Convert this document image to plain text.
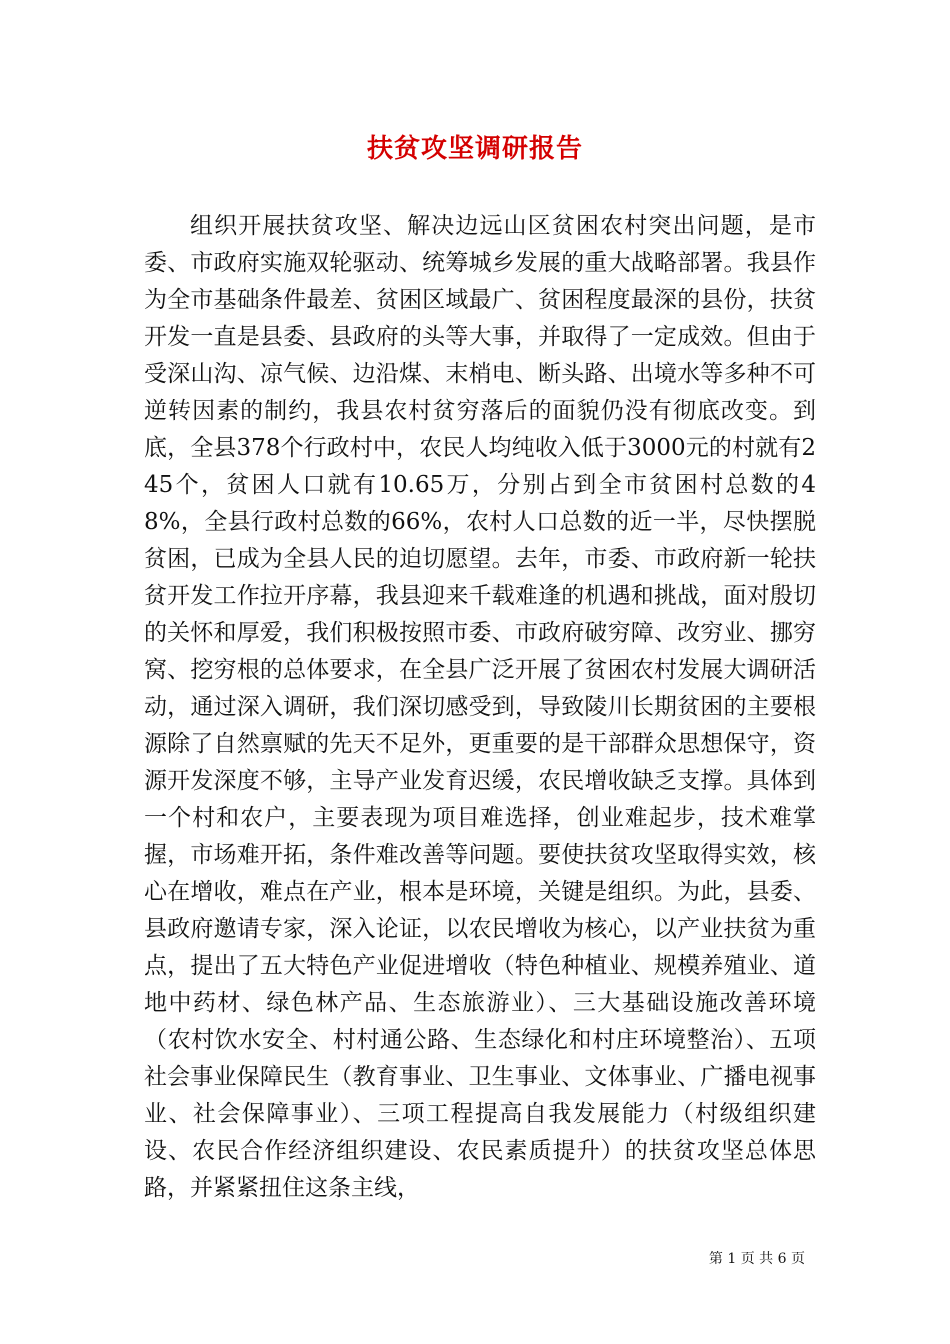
扶贫攻坚调研报告

组织开展扶贫攻坚、解决边远山区贫困农村突出问题，是市委、市政府实施双轮驱动、统筹城乡发展的重大战略部署。我县作为全市基础条件最差、贫困区域最广、贫困程度最深的县份，扶贫开发一直是县委、县政府的头等大事，并取得了一定成效。但由于受深山沟、凉气候、边沿煤、末梢电、断头路、出境水等多种不可逆转因素的制约，我县农村贫穷落后的面貌仍没有彻底改变。到底，全县378个行政村中，农民人均纯收入低于3000元的村就有245个，贫困人口就有10.65万，分别占到全市贫困村总数的48%，全县行政村总数的66%，农村人口总数的近一半，尽快摆脱贫困，已成为全县人民的迫切愿望。去年，市委、市政府新一轮扶贫开发工作拉开序幕，我县迎来千载难逢的机遇和挑战，面对殷切的关怀和厚爱，我们积极按照市委、市政府破穷障、改穷业、挪穷窝、挖穷根的总体要求，在全县广泛开展了贫困农村发展大调研活动，通过深入调研，我们深切感受到，导致陵川长期贫困的主要根源除了自然禀赋的先天不足外，更重要的是干部群众思想保守，资源开发深度不够，主导产业发育迟缓，农民增收缺乏支撑。具体到一个村和农户，主要表现为项目难选择，创业难起步，技术难掌握，市场难开拓，条件难改善等问题。要使扶贫攻坚取得实效，核心在增收，难点在产业，根本是环境，关键是组织。为此，县委、县政府邀请专家，深入论证，以农民增收为核心，以产业扶贫为重点，提出了五大特色产业促进增收（特色种植业、规模养殖业、道地中药材、绿色林产品、生态旅游业）、三大基础设施改善环境（农村饮水安全、村村通公路、生态绿化和村庄环境整治）、五项社会事业保障民生（教育事业、卫生事业、文体事业、广播电视事业、社会保障事业）、三项工程提高自我发展能力（村级组织建设、农民合作经济组织建设、农民素质提升）的扶贫攻坚总体思路，并紧紧扭住这条主线，

第 1 页 共 6 页
